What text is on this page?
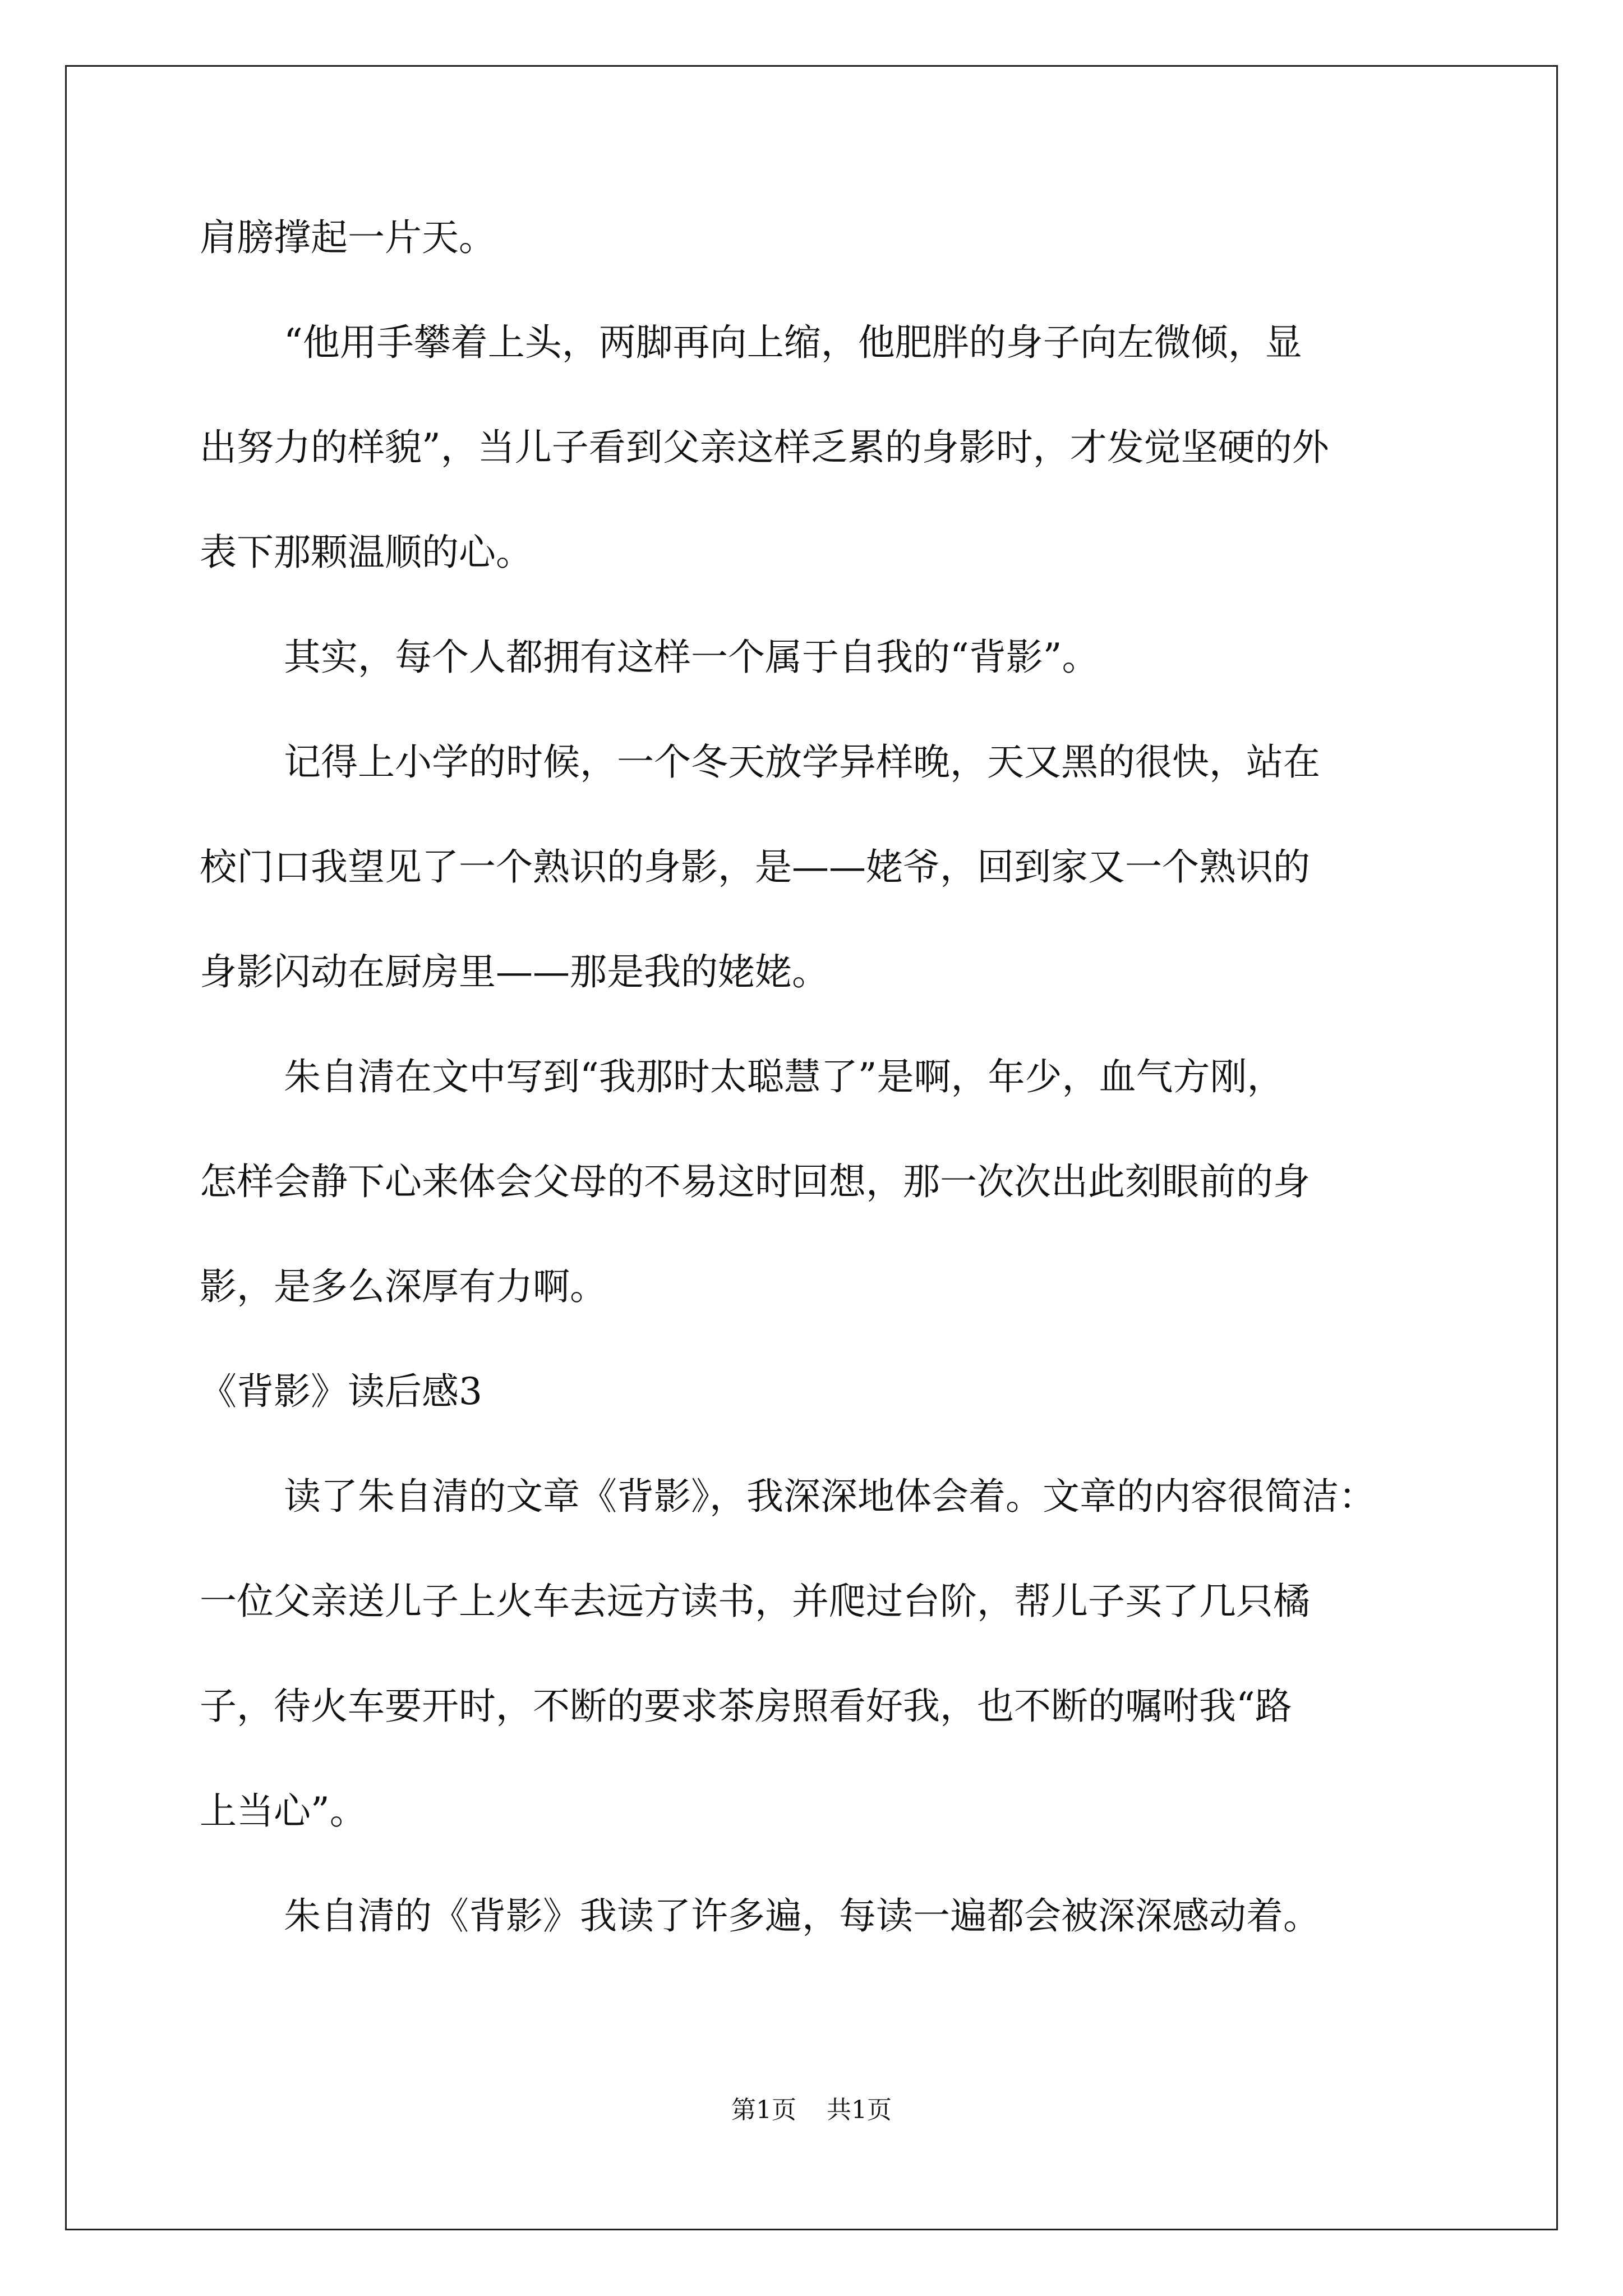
肩膀撑起一片天。

“他用手攀着上头，两脚再向上缩，他肥胖的身子向左微倾，显

出努力的样貌”，当儿子看到父亲这样乏累的身影时，才发觉坚硬的外

表下那颗温顺的心。

其实，每个人都拥有这样一个属于自我的“背影”。

记得上小学的时候，一个冬天放学异样晚，天又黑的很快，站在

校门口我望见了一个熟识的身影，是——姥爷，回到家又一个熟识的

身影闪动在厨房里——那是我的姥姥。

朱自清在文中写到“我那时太聪慧了”是啊，年少，血气方刚，

怎样会静下心来体会父母的不易这时回想，那一次次出此刻眼前的身

影，是多么深厚有力啊。

《背影》读后感3

读了朱自清的文章《背影》，我深深地体会着。文章的内容很简洁：

一位父亲送儿子上火车去远方读书，并爬过台阶，帮儿子买了几只橘

子，待火车要开时，不断的要求茶房照看好我，也不断的嘱咐我“路

上当心”。

朱自清的《背影》我读了许多遍，每读一遍都会被深深感动着。

第1页 共1页
